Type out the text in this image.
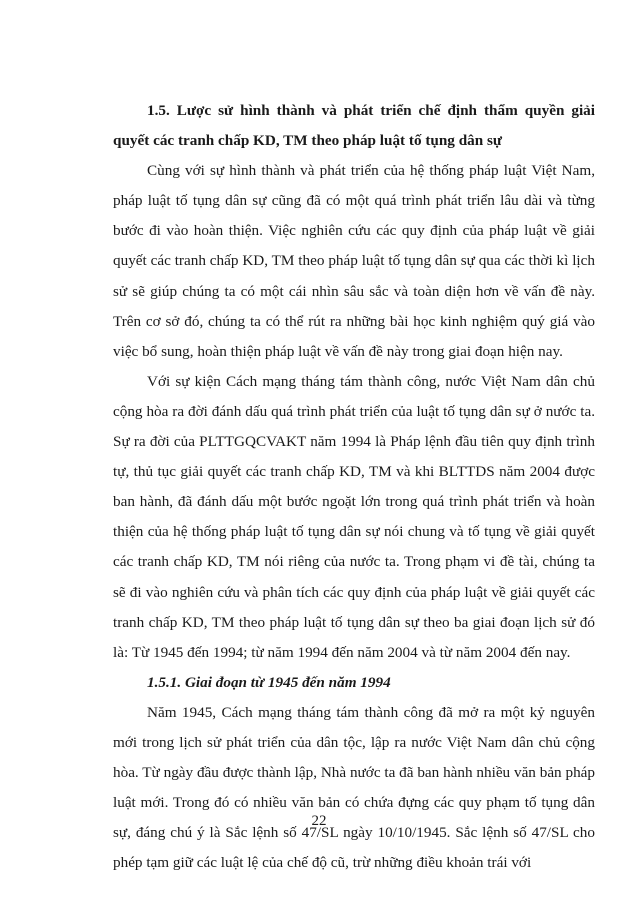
1.5. Lược sử hình thành và phát triển chế định thẩm quyền giải quyết các tranh chấp KD, TM theo pháp luật tố tụng dân sự

Cùng với sự hình thành và phát triển của hệ thống pháp luật Việt Nam, pháp luật tố tụng dân sự cũng đã có một quá trình phát triển lâu dài và từng bước đi vào hoàn thiện. Việc nghiên cứu các quy định của pháp luật về giải quyết các tranh chấp KD, TM theo pháp luật tố tụng dân sự qua các thời kì lịch sử sẽ giúp chúng ta có một cái nhìn sâu sắc và toàn diện hơn về vấn đề này. Trên cơ sở đó, chúng ta có thể rút ra những bài học kinh nghiệm quý giá vào việc bổ sung, hoàn thiện pháp luật về vấn đề này trong giai đoạn hiện nay.

Với sự kiện Cách mạng tháng tám thành công, nước Việt Nam dân chủ cộng hòa ra đời đánh dấu quá trình phát triển của luật tố tụng dân sự ở nước ta. Sự ra đời của PLTTGQCVAKT năm 1994 là Pháp lệnh đầu tiên quy định trình tự, thủ tục giải quyết các tranh chấp KD, TM và khi BLTTDS năm 2004 được ban hành, đã đánh dấu một bước ngoặt lớn trong quá trình phát triển và hoàn thiện của hệ thống pháp luật tố tụng dân sự nói chung và tố tụng về giải quyết các tranh chấp KD, TM nói riêng của nước ta. Trong phạm vi đề tài, chúng ta sẽ đi vào nghiên cứu và phân tích các quy định của pháp luật về giải quyết các tranh chấp KD, TM theo pháp luật tố tụng dân sự theo ba giai đoạn lịch sử đó là: Từ 1945 đến 1994; từ năm 1994 đến năm 2004 và từ năm 2004 đến nay.

1.5.1. Giai đoạn từ 1945 đến năm 1994

Năm 1945, Cách mạng tháng tám thành công đã mở ra một kỷ nguyên mới trong lịch sử phát triển của dân tộc, lập ra nước Việt Nam dân chủ cộng hòa. Từ ngày đầu được thành lập, Nhà nước ta đã ban hành nhiều văn bản pháp luật mới. Trong đó có nhiều văn bản có chứa đựng các quy phạm tố tụng dân sự, đáng chú ý là Sắc lệnh số 47/SL ngày 10/10/1945. Sắc lệnh số 47/SL cho phép tạm giữ các luật lệ của chế độ cũ, trừ những điều khoản trái với

22
